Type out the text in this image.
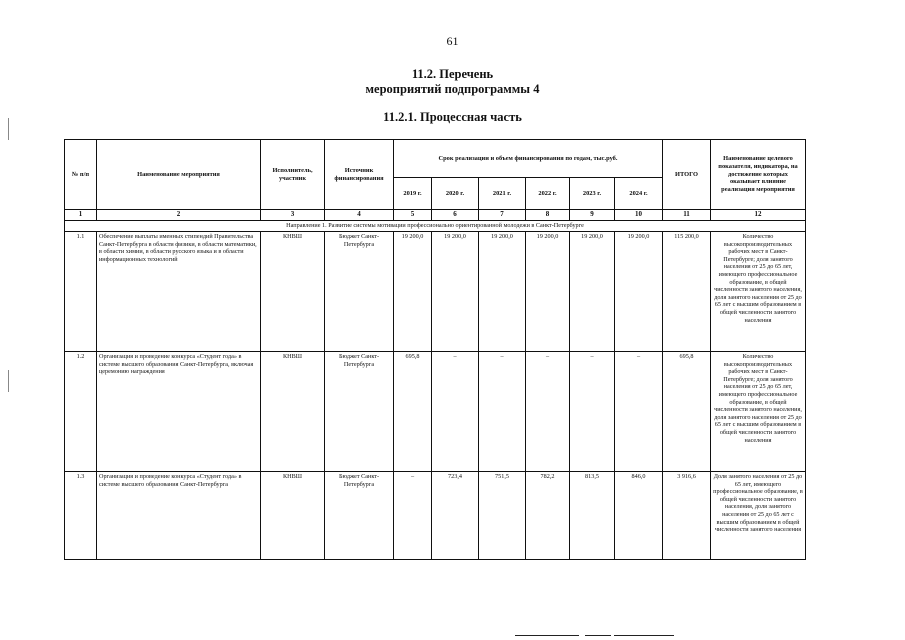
61
11.2. Перечень
мероприятий подпрограммы 4
11.2.1. Процессная часть
№ п/п	Наименование мероприятия	Исполнитель, участник	Источник финансирования	Срок реализации и объем финансирования по годам, тыс.руб.						ИТОГО	Наименование целевого показателя, индикатора, на достижение которых оказывает влияние реализация мероприятия
				2019 г.	2020 г.	2021 г.	2022 г.	2023 г.	2024 г.		
1	2	3	4	5	6	7	8	9	10	11	12
Направление 1. Развитие системы мотивации профессионально ориентированной молодежи в Санкт-Петербурге											
1.1	Обеспечение выплаты именных стипендий Правительства Санкт-Петербурга в области физики, в области математики, в области химии, в области русского языка и в области информационных технологий	КНВШ	Бюджет Санкт-Петербурга	19 200,0	19 200,0	19 200,0	19 200,0	19 200,0	19 200,0	115 200,0	Количество высокопроизводительных рабочих мест в Санкт-Петербурге; доля занятого населения от 25 до 65 лет, имеющего профессиональное образование, в общей численности занятого населения, доля занятого населения от 25 до 65 лет с высшим образованием в общей численности занятого населения
1.2	Организация и проведение конкурса «Студент года» в системе высшего образования Санкт-Петербурга, включая церемонию награждения	КНВШ	Бюджет Санкт-Петербурга	695,8	–	–	–	–	–	695,8	Количество высокопроизводительных рабочих мест в Санкт-Петербурге; доля занятого населения от 25 до 65 лет, имеющего профессиональное образование, в общей численности занятого населения, доля занятого населения от 25 до 65 лет с высшим образованием в общей численности занятого населения
1.3	Организация и проведение конкурса «Студент года» в системе высшего образования Санкт-Петербурга	КНВШ	Бюджет Санкт-Петербурга	–	723,4	751,5	782,2	813,5	846,0	3 916,6	Доля занятого населения от 25 до 65 лет, имеющего профессиональное образование, в общей численности занятого населения, доля занятого населения от 25 до 65 лет с высшим образованием в общей численности занятого населения
